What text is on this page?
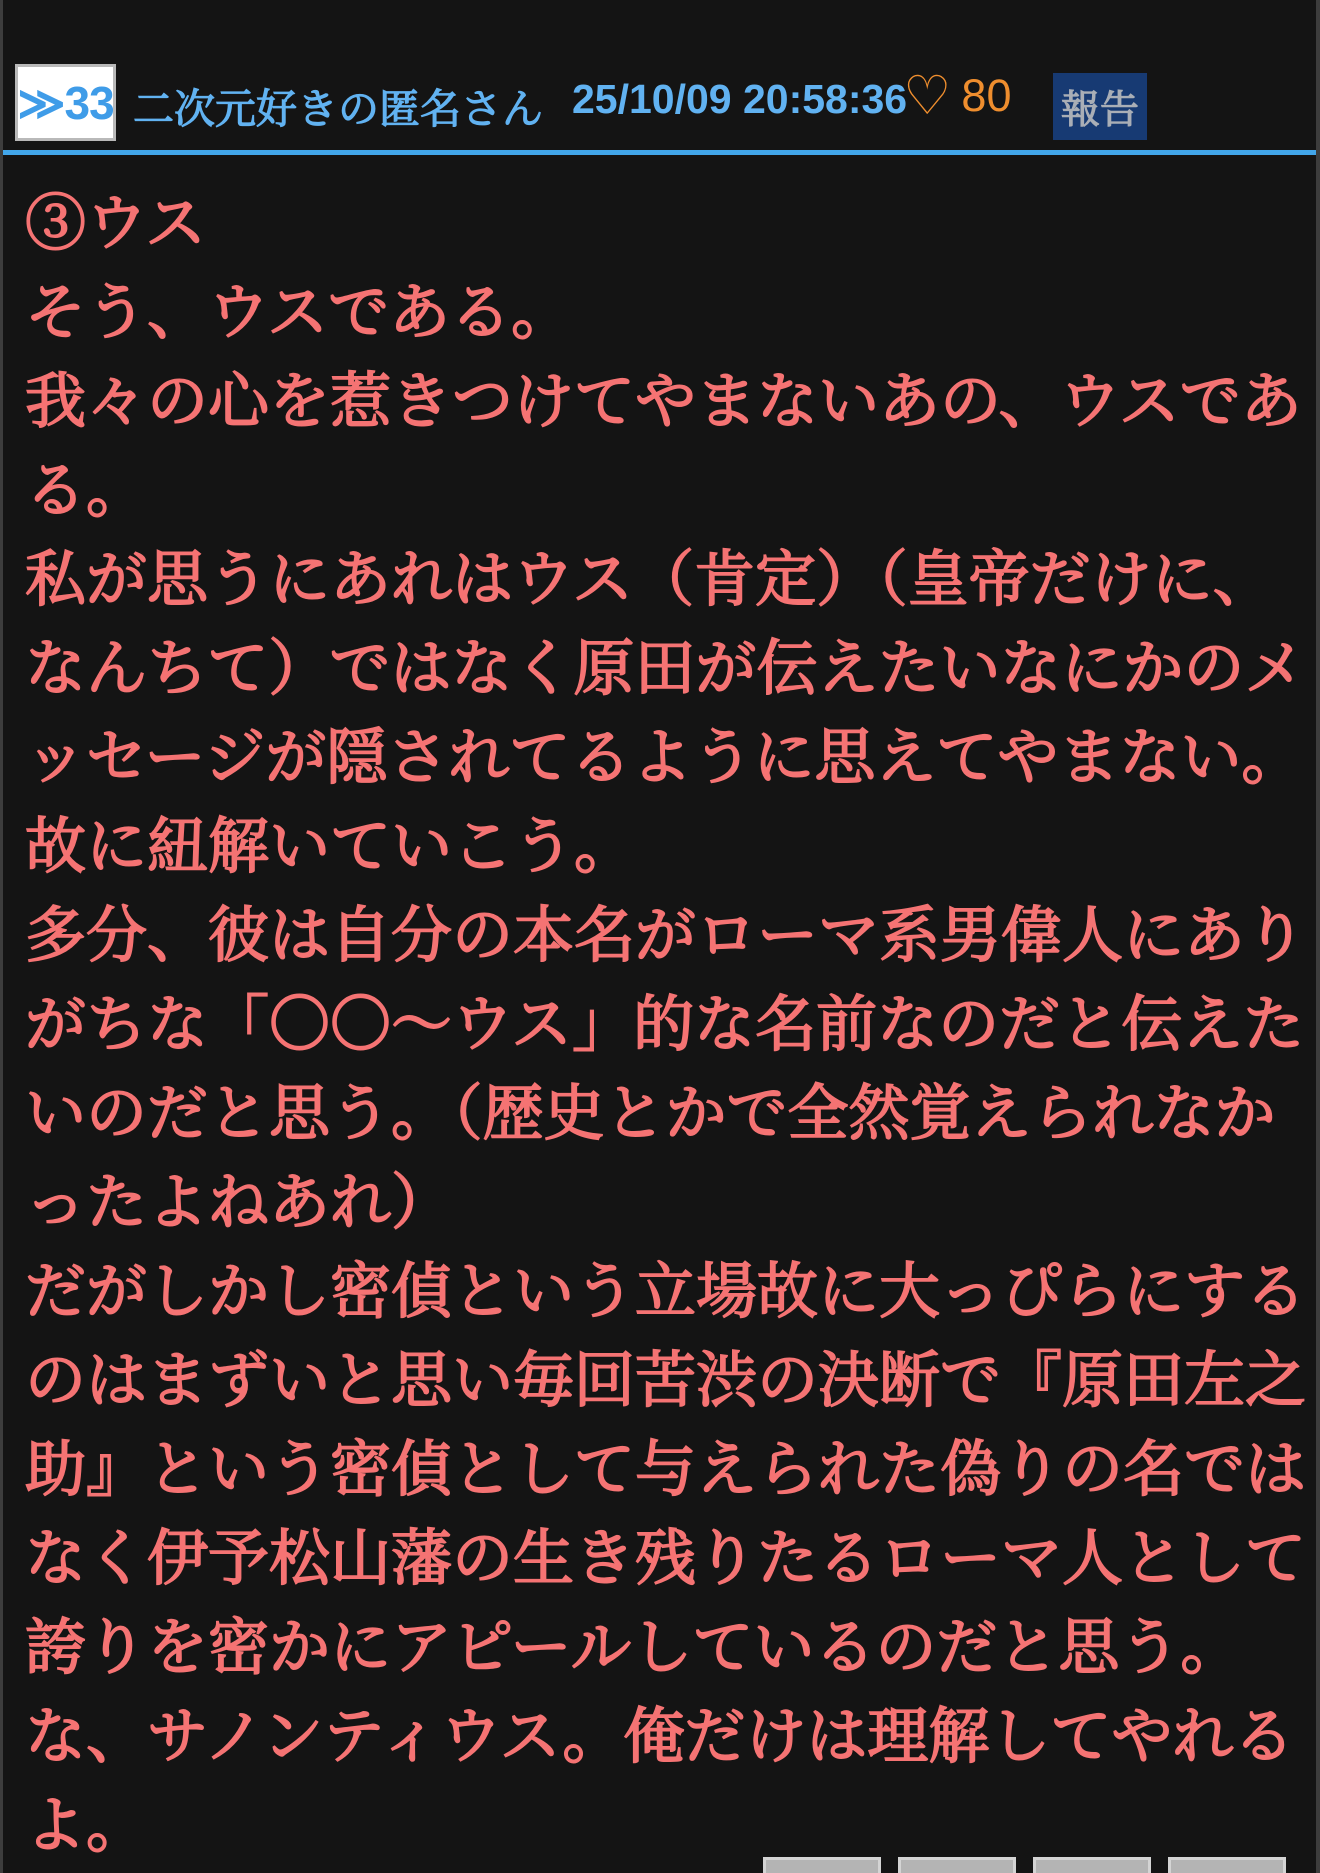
≫33 二次元好きの匿名さん 25/10/09 20:58:36
♡ 80 報告
③ウス
そう、ウスである。
我々の心を惹きつけてやまないあの、ウスであ
る。
私が思うにあれはウス（肯定）（皇帝だけに、
なんちて）ではなく原田が伝えたいなにかのメ
ッセージが隠されてるように思えてやまない。
故に紐解いていこう。
多分、彼は自分の本名がローマ系男偉人にあり
がちな「〇〇〜ウス」的な名前なのだと伝えた
いのだと思う。（歴史とかで全然覚えられなか
ったよねあれ）
だがしかし密偵という立場故に大っぴらにする
のはまずいと思い毎回苦渋の決断で『原田左之
助』という密偵として与えられた偽りの名では
なく伊予松山藩の生き残りたるローマ人として
誇りを密かにアピールしているのだと思う。
な、サノンティウス。俺だけは理解してやれる
よ。
